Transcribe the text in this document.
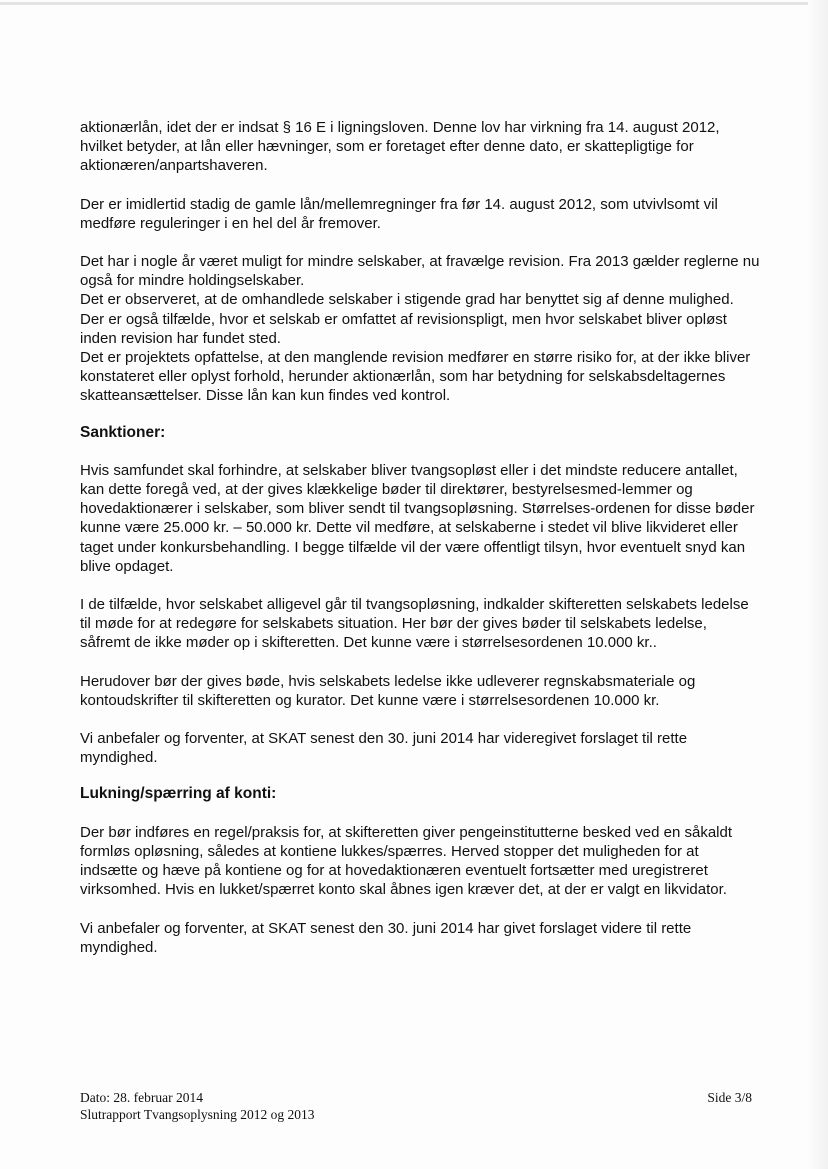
aktionærlån, idet der er indsat § 16 E i ligningsloven. Denne lov har virkning fra 14. august 2012, hvilket betyder, at lån eller hævninger, som er foretaget efter denne dato, er skattepligtige for aktionæren/anpartshaveren.

Der er imidlertid stadig de gamle lån/mellemregninger fra før 14. august 2012, som utvivlsomt vil medføre reguleringer i en hel del år fremover.

Det har i nogle år været muligt for mindre selskaber, at fravælge revision. Fra 2013 gælder reglerne nu også for mindre holdingselskaber.

Det er observeret, at de omhandlede selskaber i stigende grad har benyttet sig af denne mulighed. Der er også tilfælde, hvor et selskab er omfattet af revisionspligt, men hvor selskabet bliver opløst inden revision har fundet sted.

Det er projektets opfattelse, at den manglende revision medfører en større risiko for, at der ikke bliver konstateret eller oplyst forhold, herunder aktionærlån, som har betydning for selskabsdeltagernes skatteansættelser. Disse lån kan kun findes ved kontrol.

Sanktioner:

Hvis samfundet skal forhindre, at selskaber bliver tvangsopløst eller i det mindste reducere antallet, kan dette foregå ved, at der gives klækkelige bøder til direktører, bestyrelsesmed-lemmer og hovedaktionærer i selskaber, som bliver sendt til tvangsopløsning. Størrelses-ordenen for disse bøder kunne være 25.000 kr. – 50.000 kr. Dette vil medføre, at selskaberne i stedet vil blive likvideret eller taget under konkursbehandling. I begge tilfælde vil der være offentligt tilsyn, hvor eventuelt snyd kan blive opdaget.

I de tilfælde, hvor selskabet alligevel går til tvangsopløsning, indkalder skifteretten selskabets ledelse til møde for at redegøre for selskabets situation. Her bør der gives bøder til selskabets ledelse, såfremt de ikke møder op i skifteretten. Det kunne være i størrelsesordenen 10.000 kr..

Herudover bør der gives bøde, hvis selskabets ledelse ikke udleverer regnskabsmateriale og kontoudskrifter til skifteretten og kurator. Det kunne være i størrelsesordenen 10.000 kr.

Vi anbefaler og forventer, at SKAT senest den 30. juni 2014 har videregivet forslaget til rette myndighed.

Lukning/spærring af konti:

Der bør indføres en regel/praksis for, at skifteretten giver pengeinstitutterne besked ved en såkaldt formløs opløsning, således at kontiene lukkes/spærres. Herved stopper det muligheden for at indsætte og hæve på kontiene og for at hovedaktionæren eventuelt fortsætter med uregistreret virksomhed. Hvis en lukket/spærret konto skal åbnes igen kræver det, at der er valgt en likvidator.

Vi anbefaler og forventer, at SKAT senest den 30. juni 2014 har givet forslaget videre til rette myndighed.

Dato: 28. februar 2014
Slutrapport Tvangsoplysning 2012 og 2013
Side 3/8
